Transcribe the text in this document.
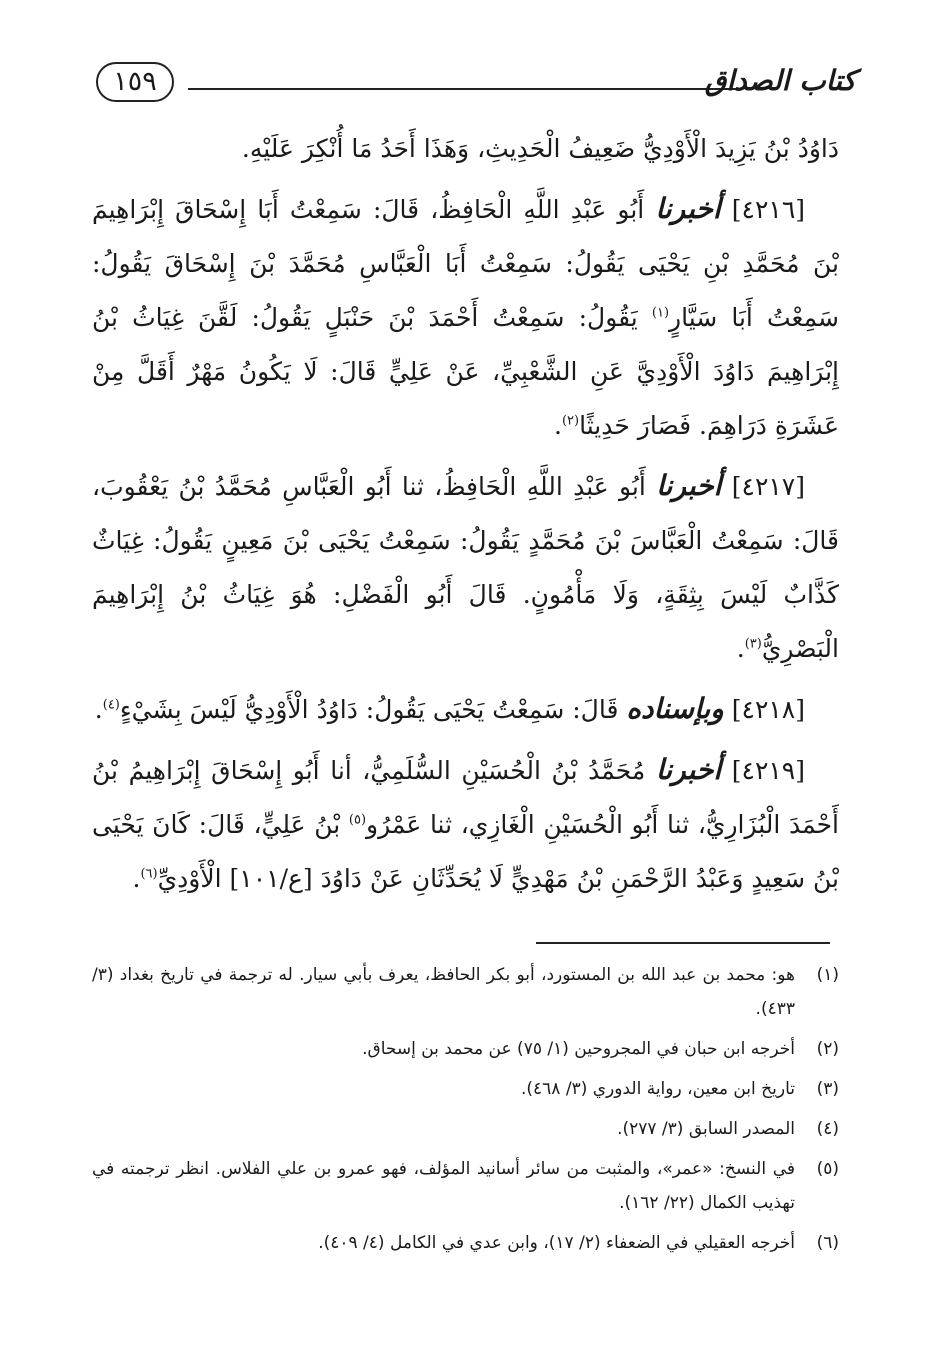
١٥٩	كتاب الصداق

دَاوُدُ بْنُ يَزِيدَ الْأَوْدِيُّ ضَعِيفُ الْحَدِيثِ، وَهَذَا أَحَدُ مَا أُنْكِرَ عَلَيْهِ.

[٤٢١٦] أخبرنا أَبُو عَبْدِ اللَّهِ الْحَافِظُ، قَالَ: سَمِعْتُ أَبَا إِسْحَاقَ إِبْرَاهِيمَ بْنَ مُحَمَّدِ بْنِ يَحْيَى يَقُولُ: سَمِعْتُ أَبَا الْعَبَّاسِ مُحَمَّدَ بْنَ إِسْحَاقَ يَقُولُ: سَمِعْتُ أَبَا سَيَّارٍ$^{(١)}$ يَقُولُ: سَمِعْتُ أَحْمَدَ بْنَ حَنْبَلٍ يَقُولُ: لَقَّنَ غِيَاثُ بْنُ إِبْرَاهِيمَ دَاوُدَ الْأَوْدِيَّ عَنِ الشَّعْبِيِّ، عَنْ عَلِيٍّ قَالَ: لَا يَكُونُ مَهْرٌ أَقَلَّ مِنْ عَشَرَةِ دَرَاهِمَ. فَصَارَ حَدِيثًا$^{(٢)}$.

[٤٢١٧] أخبرنا أَبُو عَبْدِ اللَّهِ الْحَافِظُ، ثنا أَبُو الْعَبَّاسِ مُحَمَّدُ بْنُ يَعْقُوبَ، قَالَ: سَمِعْتُ الْعَبَّاسَ بْنَ مُحَمَّدٍ يَقُولُ: سَمِعْتُ يَحْيَى بْنَ مَعِينٍ يَقُولُ: غِيَاثٌ كَذَّابٌ لَيْسَ بِثِقَةٍ، وَلَا مَأْمُونٍ. قَالَ أَبُو الْفَضْلِ: هُوَ غِيَاثُ بْنُ إِبْرَاهِيمَ الْبَصْرِيُّ$^{(٣)}$.

[٤٢١٨] وبإسناده قَالَ: سَمِعْتُ يَحْيَى يَقُولُ: دَاوُدُ الْأَوْدِيُّ لَيْسَ بِشَيْءٍ$^{(٤)}$.

[٤٢١٩] أخبرنا مُحَمَّدُ بْنُ الْحُسَيْنِ السُّلَمِيُّ، أنا أَبُو إِسْحَاقَ إِبْرَاهِيمُ بْنُ أَحْمَدَ الْبُزَارِيُّ، ثنا أَبُو الْحُسَيْنِ الْغَازِي، ثنا عَمْرُو$^{(٥)}$ بْنُ عَلِيٍّ، قَالَ: كَانَ يَحْيَى بْنُ سَعِيدٍ وَعَبْدُ الرَّحْمَنِ بْنُ مَهْدِيٍّ لَا يُحَدِّثَانِ عَنْ دَاوُدَ [ع/١٠١] الْأَوْدِيِّ$^{(٦)}$.

(١)
هو: محمد بن عبد الله بن المستورد، أبو بكر الحافظ، يعرف بأبي سيار. له ترجمة في تاريخ بغداد (٣/ ٤٣٣).
(٢)
أخرجه ابن حبان في المجروحين (١/ ٧٥) عن محمد بن إسحاق.
(٣)
تاريخ ابن معين، رواية الدوري (٣/ ٤٦٨).
(٤)
المصدر السابق (٣/ ٢٧٧).
(٥)
في النسخ: «عمر»، والمثبت من سائر أسانيد المؤلف، فهو عمرو بن علي الفلاس. انظر ترجمته في تهذيب الكمال (٢٢/ ١٦٢).
(٦)
أخرجه العقيلي في الضعفاء (٢/ ١٧)، وابن عدي في الكامل (٤/ ٤٠٩).
